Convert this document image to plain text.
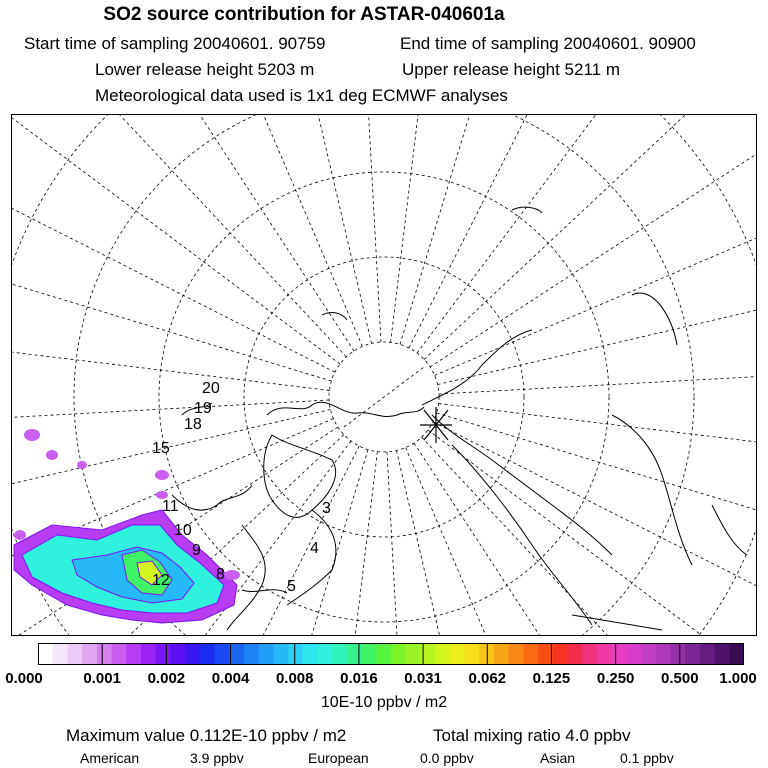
SO2 source contribution for ASTAR-040601a
Start time of sampling 20040601. 90759	End time of sampling 20040601. 90900
Lower release height 5203 m	Upper release height 5211 m
Meteorological data used is 1x1 deg ECMWF analyses
20
19
18
15
3
4
5
8
9
10
11
12
0.000	0.001 0.002 0.004 0.008 0.016 0.031 0.062 0.125 0.250 0.500 1.000
10E-10 ppbv / m2
Maximum value 0.112E-10 ppbv / m2	Total mixing ratio 4.0 ppbv
American	3.9 ppbv	European	0.0 ppbv	Asian	0.1 ppbv
